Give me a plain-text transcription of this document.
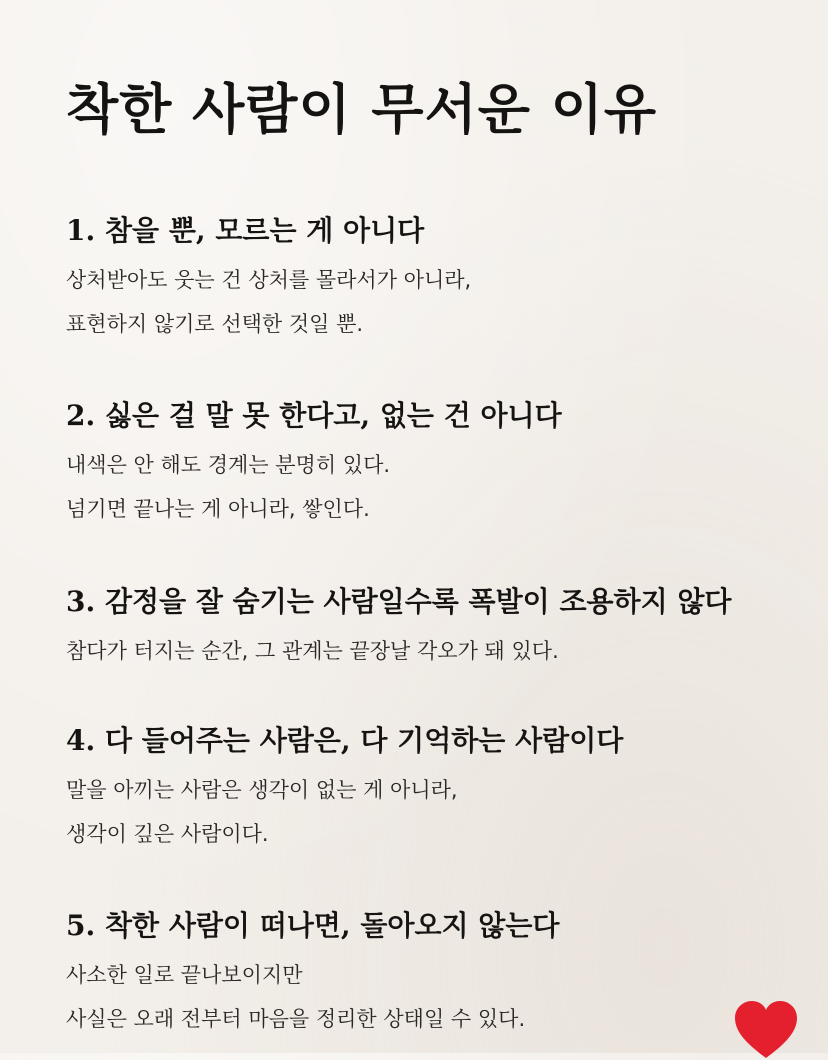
착한 사람이 무서운 이유
1. 참을 뿐, 모르는 게 아니다

상처받아도 웃는 건 상처를 몰라서가 아니라,

표현하지 않기로 선택한 것일 뿐.

2. 싫은 걸 말 못 한다고, 없는 건 아니다

내색은 안 해도 경계는 분명히 있다.

넘기면 끝나는 게 아니라, 쌓인다.

3. 감정을 잘 숨기는 사람일수록 폭발이 조용하지 않다

참다가 터지는 순간, 그 관계는 끝장날 각오가 돼 있다.

4. 다 들어주는 사람은, 다 기억하는 사람이다

말을 아끼는 사람은 생각이 없는 게 아니라,

생각이 깊은 사람이다.

5. 착한 사람이 떠나면, 돌아오지 않는다

사소한 일로 끝나보이지만

사실은 오래 전부터 마음을 정리한 상태일 수 있다.
